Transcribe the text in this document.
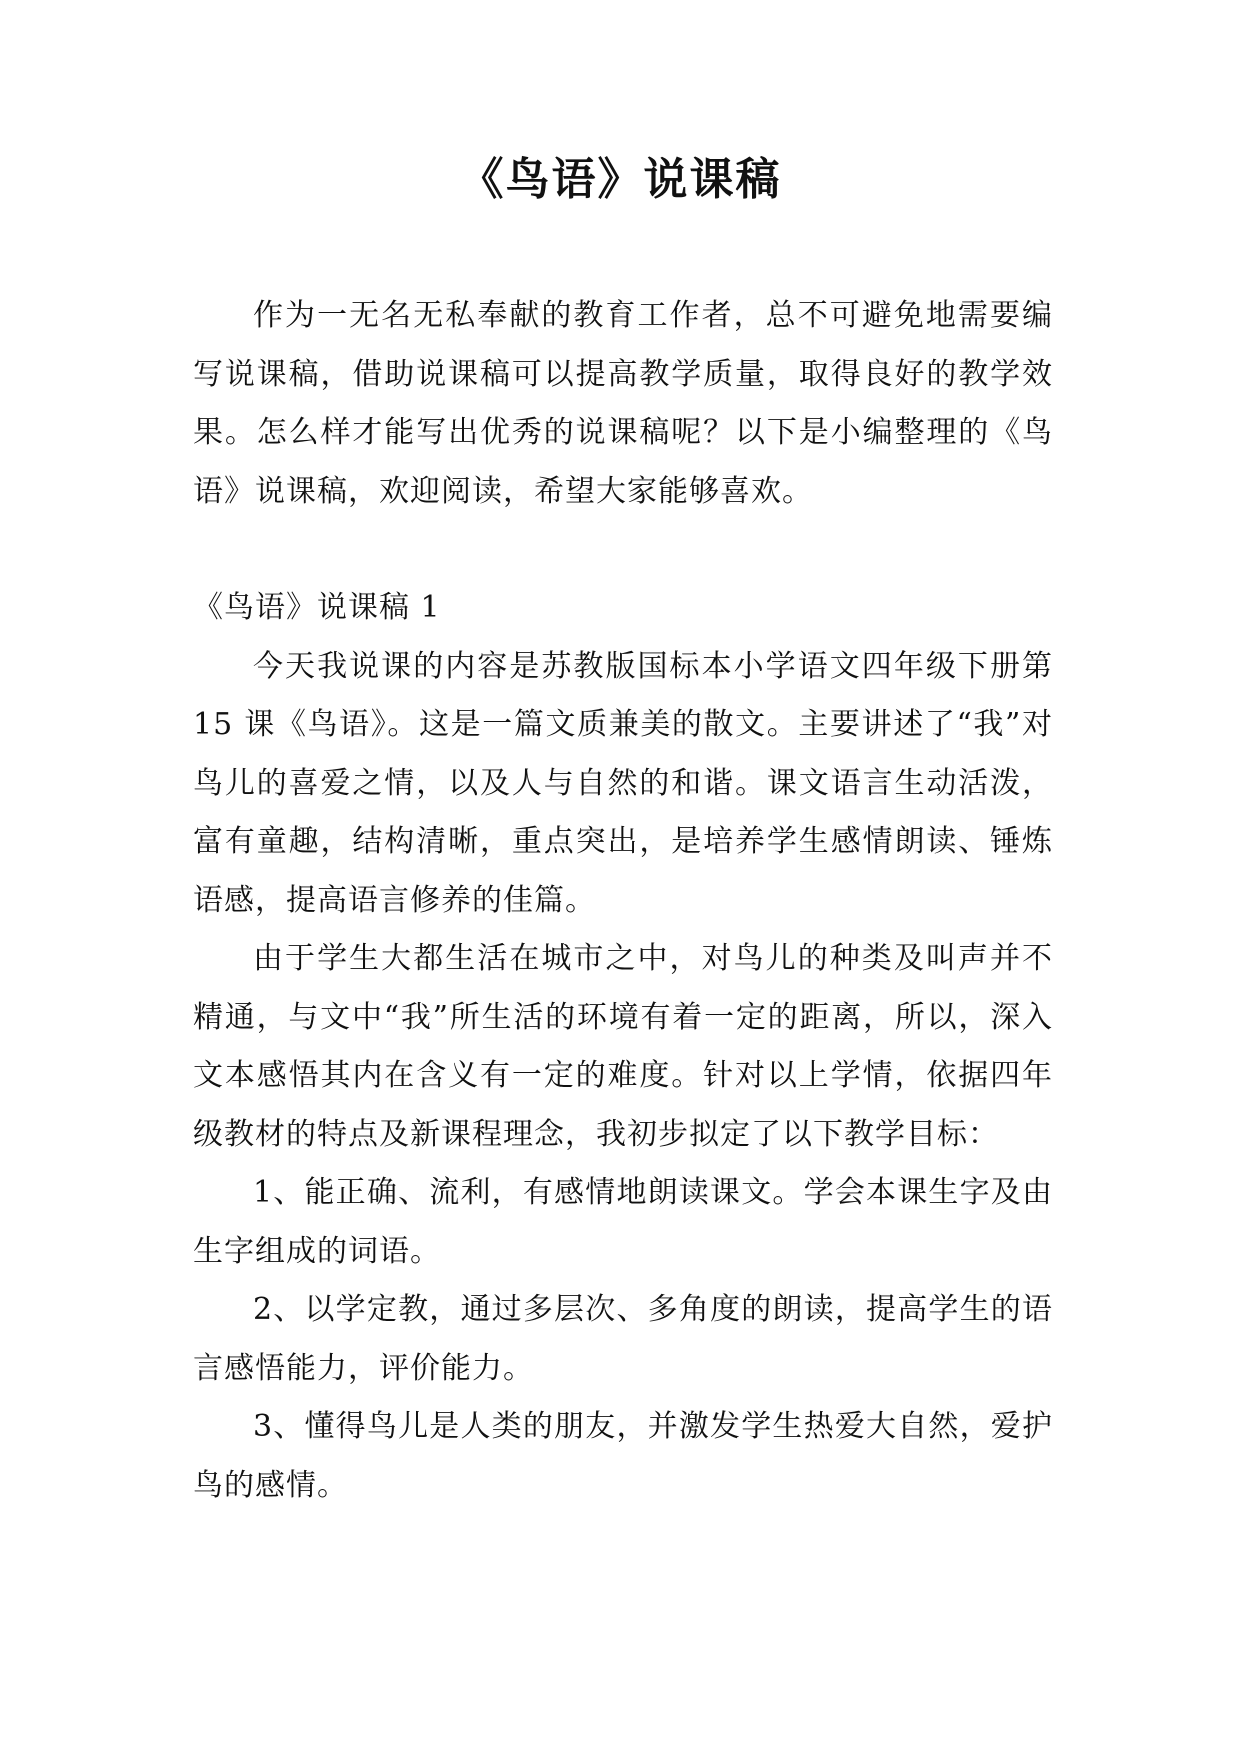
《鸟语》说课稿

作为一无名无私奉献的教育工作者，总不可避免地需要编写说课稿，借助说课稿可以提高教学质量，取得良好的教学效果。怎么样才能写出优秀的说课稿呢？以下是小编整理的《鸟语》说课稿，欢迎阅读，希望大家能够喜欢。

《鸟语》说课稿 1

今天我说课的内容是苏教版国标本小学语文四年级下册第 15 课《鸟语》。这是一篇文质兼美的散文。主要讲述了“我”对鸟儿的喜爱之情，以及人与自然的和谐。课文语言生动活泼，富有童趣，结构清晰，重点突出，是培养学生感情朗读、锤炼语感，提高语言修养的佳篇。

由于学生大都生活在城市之中，对鸟儿的种类及叫声并不精通，与文中“我”所生活的环境有着一定的距离，所以，深入文本感悟其内在含义有一定的难度。针对以上学情，依据四年级教材的特点及新课程理念，我初步拟定了以下教学目标：

1、能正确、流利，有感情地朗读课文。学会本课生字及由生字组成的词语。

2、以学定教，通过多层次、多角度的朗读，提高学生的语言感悟能力，评价能力。

3、懂得鸟儿是人类的朋友，并激发学生热爱大自然，爱护鸟的感情。
